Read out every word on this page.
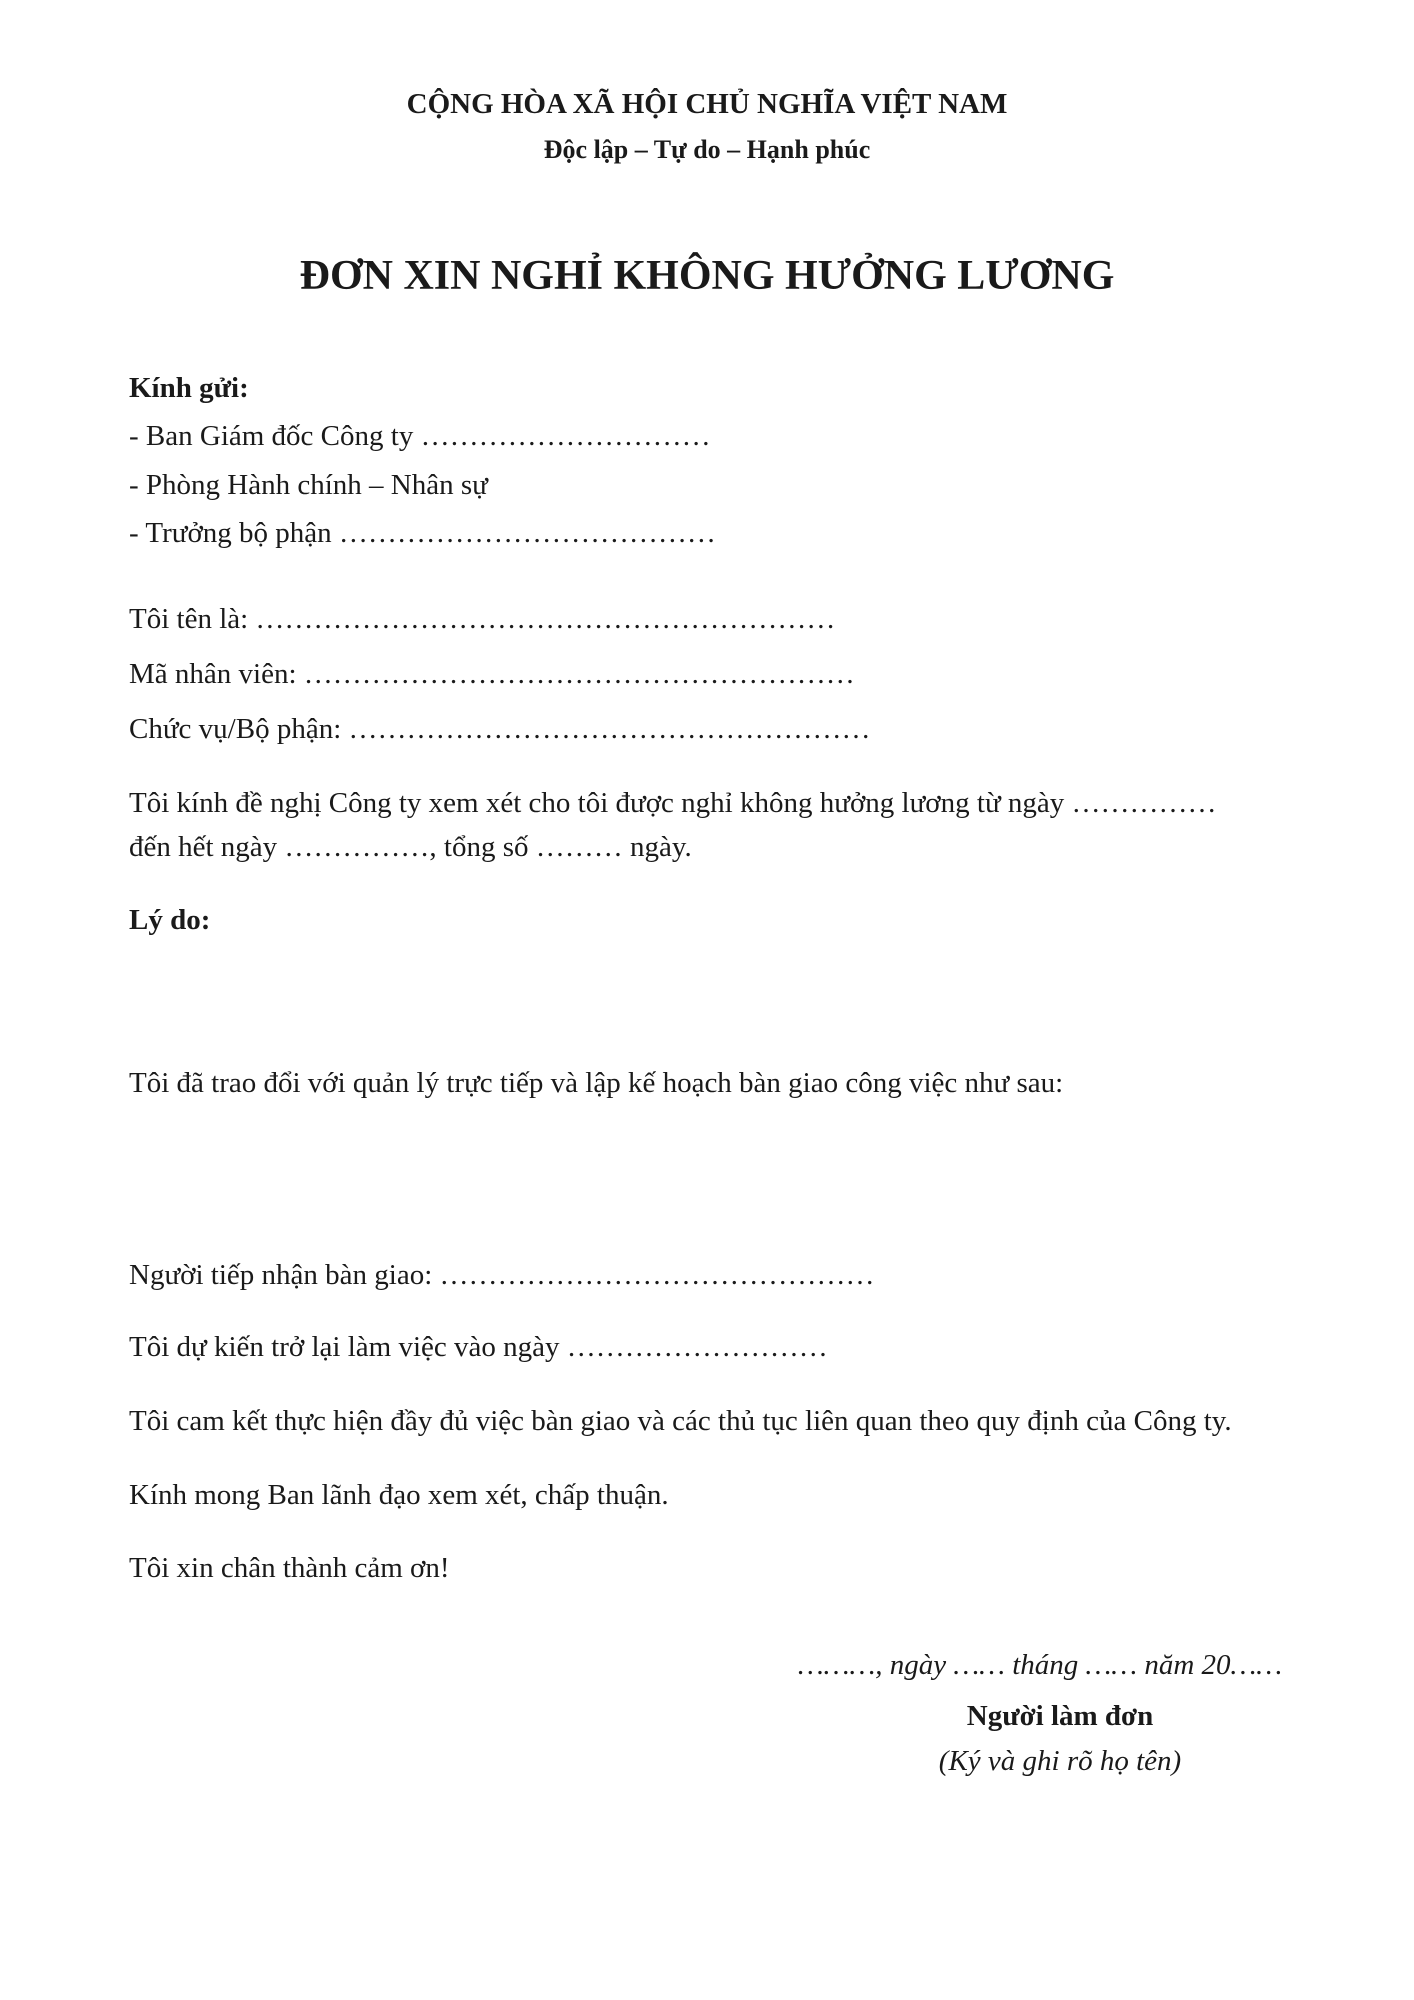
CỘNG HÒA XÃ HỘI CHỦ NGHĨA VIỆT NAM
Độc lập – Tự do – Hạnh phúc
ĐƠN XIN NGHỈ KHÔNG HƯỞNG LƯƠNG
Kính gửi:
- Ban Giám đốc Công ty …………………………
- Phòng Hành chính – Nhân sự
- Trưởng bộ phận …………………………………
Tôi tên là: ……………………………………………………
Mã nhân viên: …………………………………………………
Chức vụ/Bộ phận: ………………………………………………
Tôi kính đề nghị Công ty xem xét cho tôi được nghỉ không hưởng lương từ ngày ……………
đến hết ngày ……………, tổng số ……… ngày.
Lý do:
Tôi đã trao đổi với quản lý trực tiếp và lập kế hoạch bàn giao công việc như sau:
Người tiếp nhận bàn giao: ………………………………………
Tôi dự kiến trở lại làm việc vào ngày ………………………
Tôi cam kết thực hiện đầy đủ việc bàn giao và các thủ tục liên quan theo quy định của Công ty.
Kính mong Ban lãnh đạo xem xét, chấp thuận.
Tôi xin chân thành cảm ơn!
………, ngày …… tháng …… năm 20……
Người làm đơn
(Ký và ghi rõ họ tên)
